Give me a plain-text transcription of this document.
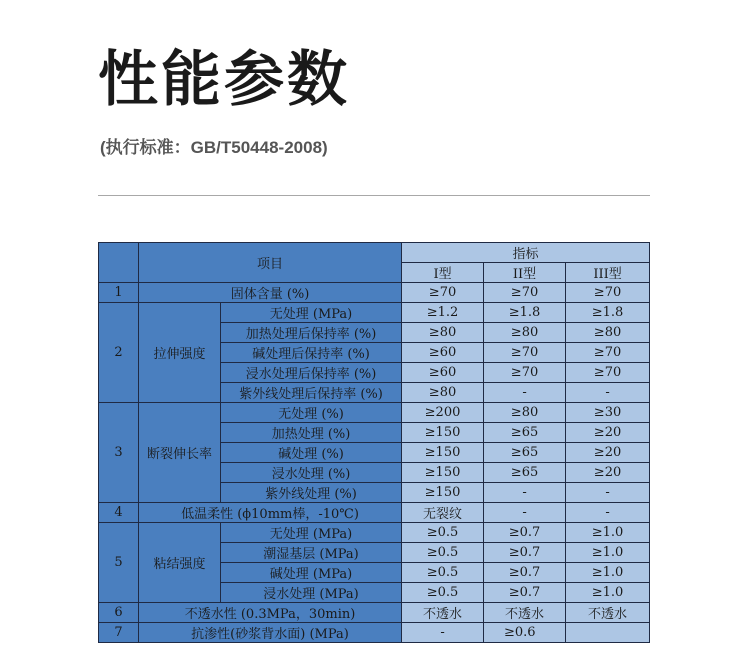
性能参数
(执行标准：GB/T50448-2008)
	项目		指标		
			I型	II型	III型
1	固体含量 (%)		≥70	≥70	≥70
2	拉伸强度	无处理 (MPa)	≥1.2	≥1.8	≥1.8
		加热处理后保持率 (%)	≥80	≥80	≥80
		碱处理后保持率 (%)	≥60	≥70	≥70
		浸水处理后保持率 (%)	≥60	≥70	≥70
		紫外线处理后保持率 (%)	≥80	-	-
3	断裂伸长率	无处理 (%)	≥200	≥80	≥30
		加热处理 (%)	≥150	≥65	≥20
		碱处理 (%)	≥150	≥65	≥20
		浸水处理 (%)	≥150	≥65	≥20
		紫外线处理 (%)	≥150	-	-
4	低温柔性 (ϕ10mm棒，-10℃)		无裂纹	-	-
5	粘结强度	无处理 (MPa)	≥0.5	≥0.7	≥1.0
		潮湿基层 (MPa)	≥0.5	≥0.7	≥1.0
		碱处理 (MPa)	≥0.5	≥0.7	≥1.0
		浸水处理 (MPa)	≥0.5	≥0.7	≥1.0
6	不透水性 (0.3MPa，30min)		不透水	不透水	不透水
7	抗渗性(砂浆背水面) (MPa)		-	≥0.6	
